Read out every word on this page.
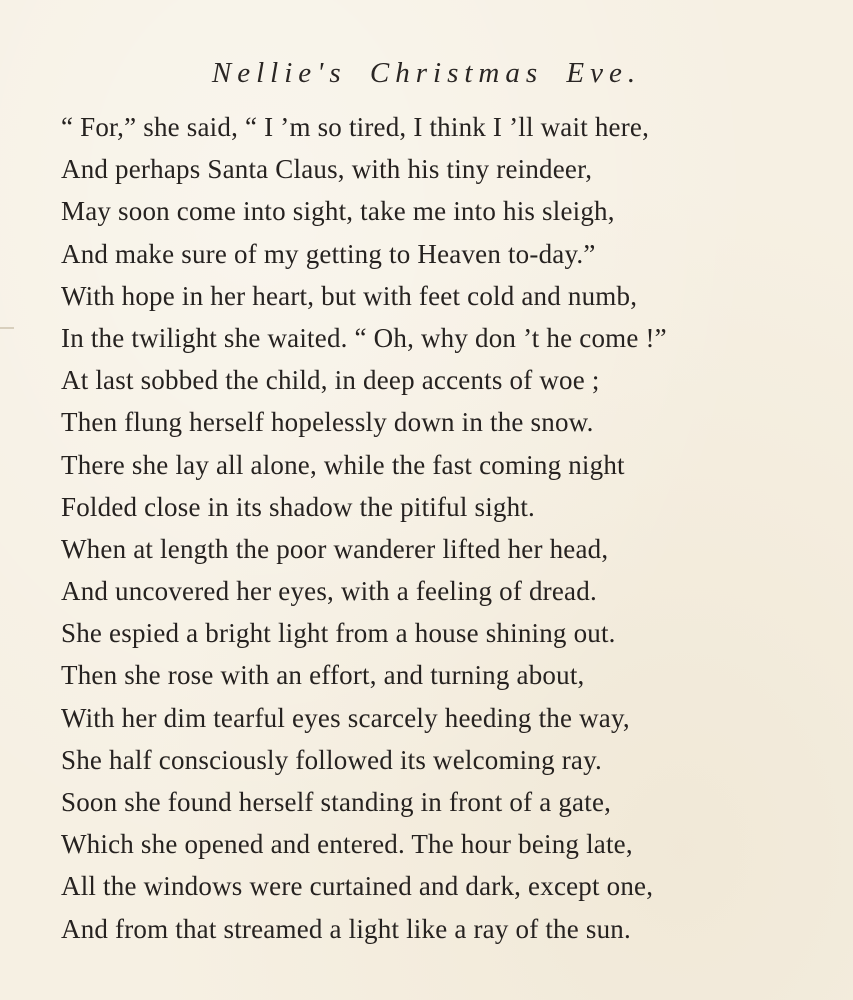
Nellie's Christmas Eve.
“ For,” she said, “ I ’m so tired, I think I ’ll wait here,
And perhaps Santa Claus, with his tiny reindeer,
May soon come into sight, take me into his sleigh,
And make sure of my getting to Heaven to-day.”
With hope in her heart, but with feet cold and numb,
In the twilight she waited. “ Oh, why don ’t he come !”
At last sobbed the child, in deep accents of woe ;
Then flung herself hopelessly down in the snow.
There she lay all alone, while the fast coming night
Folded close in its shadow the pitiful sight.
When at length the poor wanderer lifted her head,
And uncovered her eyes, with a feeling of dread.
She espied a bright light from a house shining out.
Then she rose with an effort, and turning about,
With her dim tearful eyes scarcely heeding the way,
She half consciously followed its welcoming ray.
Soon she found herself standing in front of a gate,
Which she opened and entered. The hour being late,
All the windows were curtained and dark, except one,
And from that streamed a light like a ray of the sun.
